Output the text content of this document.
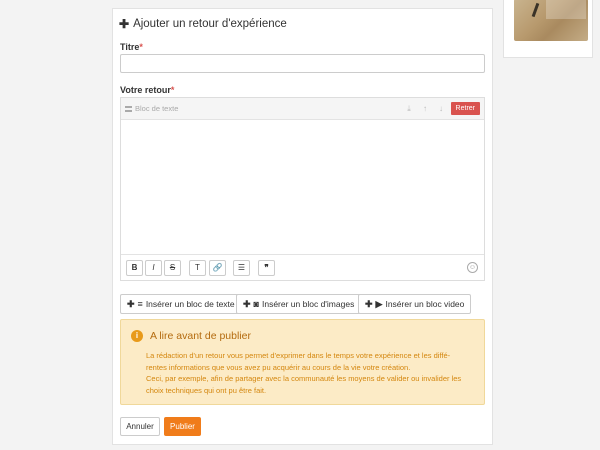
✚ Ajouter un retour d'expérience
Titre*
Votre retour*
Bloc de texte	⤓	↑	↓	Retrer
B	I	S	T	🔗	☰	❞	☺
✚ ≡ Insérer un bloc de texte ✚ ◙ Insérer un bloc d'images ✚ ▶ Insérer un bloc video
i	A lire avant de publier
La rédaction d'un retour vous permet d'exprimer dans le temps votre expérience et les diffé-
rentes informations que vous avez pu acquérir au cours de la vie votre création.
Ceci, par exemple, afin de partager avec la communauté les moyens de valider ou invalider les
choix techniques qui ont pu être fait.
Annuler	Publier
